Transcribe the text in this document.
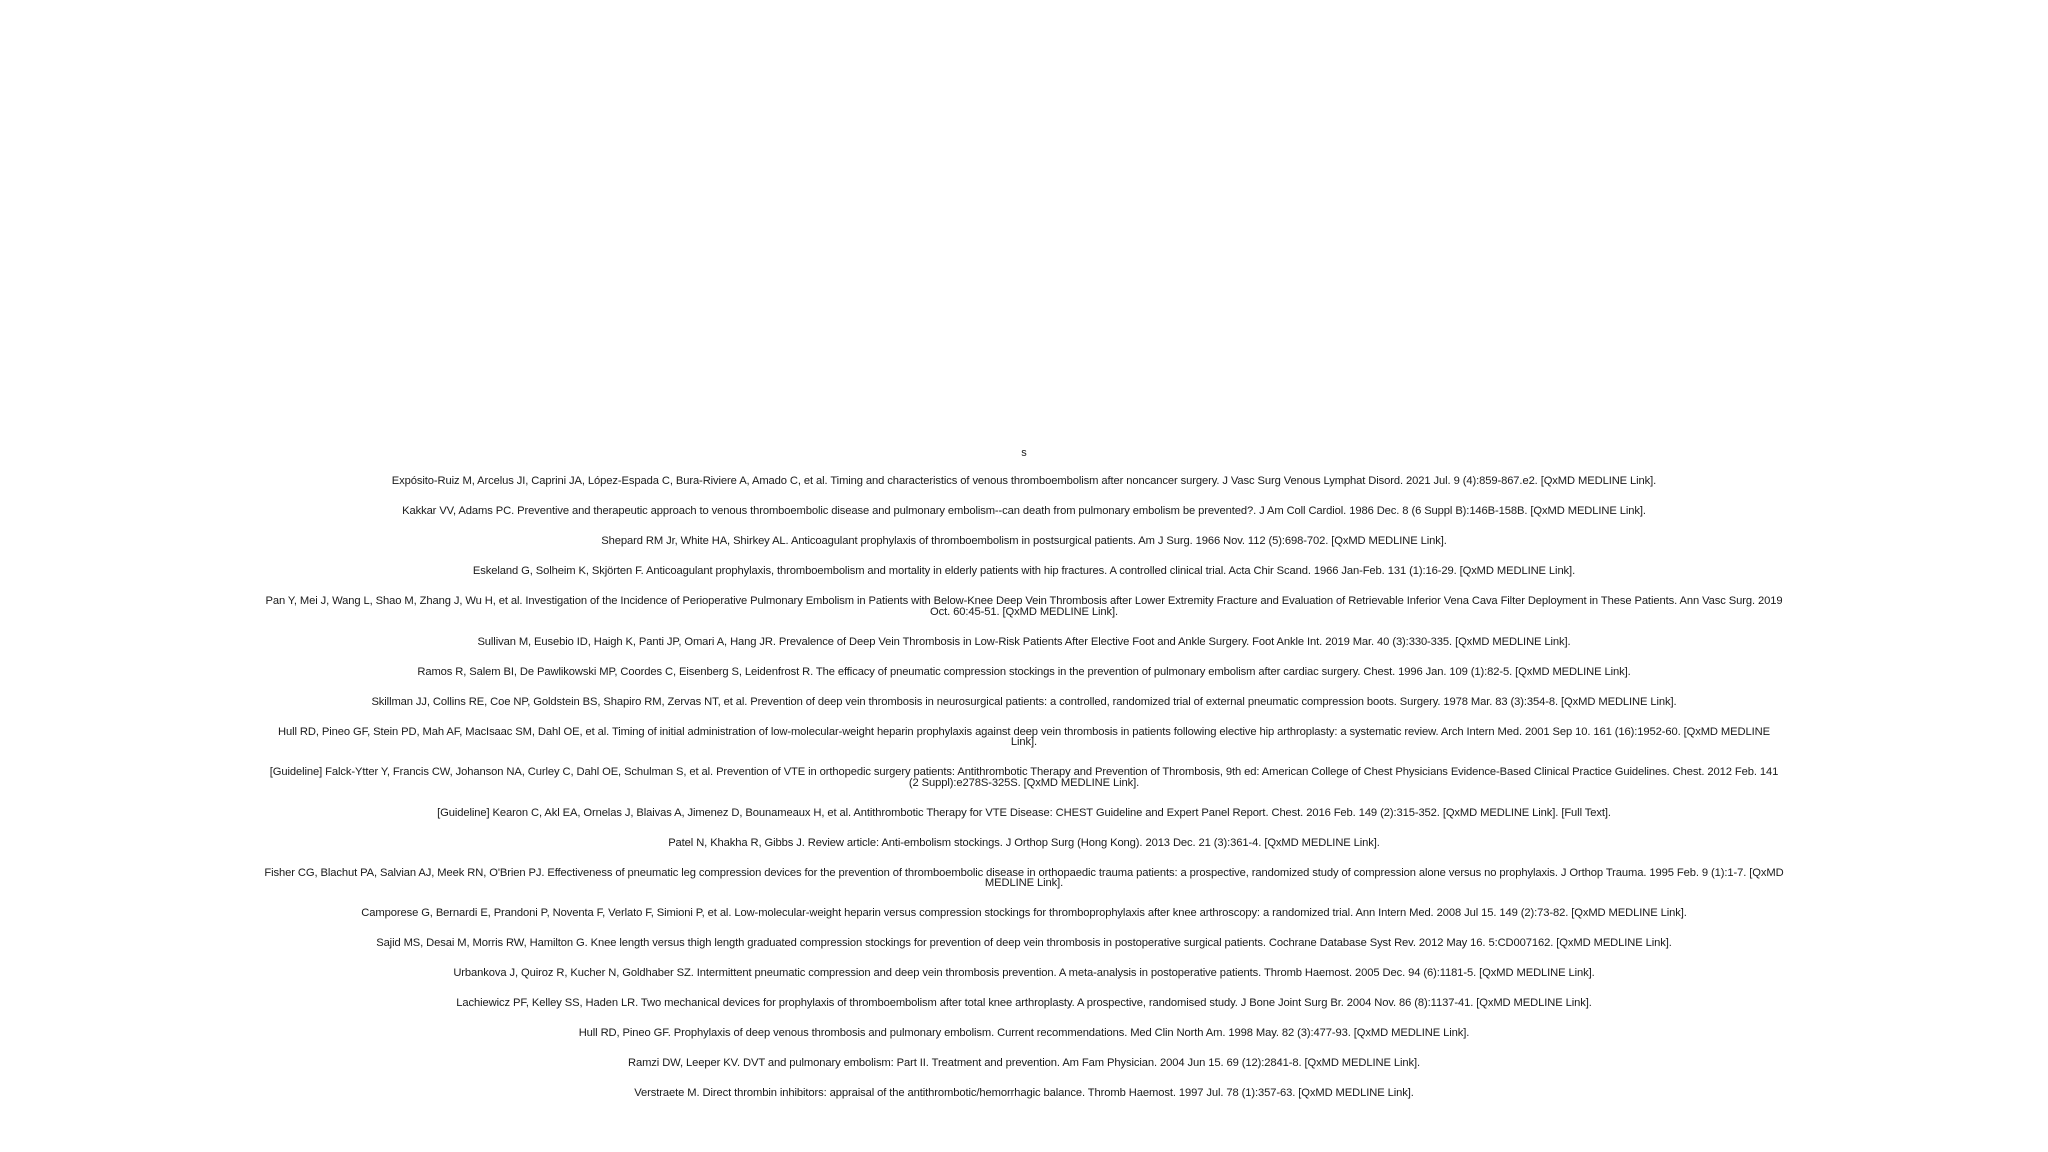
s
Expósito-Ruiz M, Arcelus JI, Caprini JA, López-Espada C, Bura-Riviere A, Amado C, et al. Timing and characteristics of venous thromboembolism after noncancer surgery. J Vasc Surg Venous Lymphat Disord. 2021 Jul. 9 (4):859-867.e2. [QxMD MEDLINE Link].
Kakkar VV, Adams PC. Preventive and therapeutic approach to venous thromboembolic disease and pulmonary embolism--can death from pulmonary embolism be prevented?. J Am Coll Cardiol. 1986 Dec. 8 (6 Suppl B):146B-158B. [QxMD MEDLINE Link].
Shepard RM Jr, White HA, Shirkey AL. Anticoagulant prophylaxis of thromboembolism in postsurgical patients. Am J Surg. 1966 Nov. 112 (5):698-702. [QxMD MEDLINE Link].
Eskeland G, Solheim K, Skjörten F. Anticoagulant prophylaxis, thromboembolism and mortality in elderly patients with hip fractures. A controlled clinical trial. Acta Chir Scand. 1966 Jan-Feb. 131 (1):16-29. [QxMD MEDLINE Link].
Pan Y, Mei J, Wang L, Shao M, Zhang J, Wu H, et al. Investigation of the Incidence of Perioperative Pulmonary Embolism in Patients with Below-Knee Deep Vein Thrombosis after Lower Extremity Fracture and Evaluation of Retrievable Inferior Vena Cava Filter Deployment in These Patients. Ann Vasc Surg. 2019 Oct. 60:45-51. [QxMD MEDLINE Link].
Sullivan M, Eusebio ID, Haigh K, Panti JP, Omari A, Hang JR. Prevalence of Deep Vein Thrombosis in Low-Risk Patients After Elective Foot and Ankle Surgery. Foot Ankle Int. 2019 Mar. 40 (3):330-335. [QxMD MEDLINE Link].
Ramos R, Salem BI, De Pawlikowski MP, Coordes C, Eisenberg S, Leidenfrost R. The efficacy of pneumatic compression stockings in the prevention of pulmonary embolism after cardiac surgery. Chest. 1996 Jan. 109 (1):82-5. [QxMD MEDLINE Link].
Skillman JJ, Collins RE, Coe NP, Goldstein BS, Shapiro RM, Zervas NT, et al. Prevention of deep vein thrombosis in neurosurgical patients: a controlled, randomized trial of external pneumatic compression boots. Surgery. 1978 Mar. 83 (3):354-8. [QxMD MEDLINE Link].
Hull RD, Pineo GF, Stein PD, Mah AF, MacIsaac SM, Dahl OE, et al. Timing of initial administration of low-molecular-weight heparin prophylaxis against deep vein thrombosis in patients following elective hip arthroplasty: a systematic review. Arch Intern Med. 2001 Sep 10. 161 (16):1952-60. [QxMD MEDLINE Link].
[Guideline] Falck-Ytter Y, Francis CW, Johanson NA, Curley C, Dahl OE, Schulman S, et al. Prevention of VTE in orthopedic surgery patients: Antithrombotic Therapy and Prevention of Thrombosis, 9th ed: American College of Chest Physicians Evidence-Based Clinical Practice Guidelines. Chest. 2012 Feb. 141 (2 Suppl):e278S-325S. [QxMD MEDLINE Link].
[Guideline] Kearon C, Akl EA, Ornelas J, Blaivas A, Jimenez D, Bounameaux H, et al. Antithrombotic Therapy for VTE Disease: CHEST Guideline and Expert Panel Report. Chest. 2016 Feb. 149 (2):315-352. [QxMD MEDLINE Link]. [Full Text].
Patel N, Khakha R, Gibbs J. Review article: Anti-embolism stockings. J Orthop Surg (Hong Kong). 2013 Dec. 21 (3):361-4. [QxMD MEDLINE Link].
Fisher CG, Blachut PA, Salvian AJ, Meek RN, O'Brien PJ. Effectiveness of pneumatic leg compression devices for the prevention of thromboembolic disease in orthopaedic trauma patients: a prospective, randomized study of compression alone versus no prophylaxis. J Orthop Trauma. 1995 Feb. 9 (1):1-7. [QxMD MEDLINE Link].
Camporese G, Bernardi E, Prandoni P, Noventa F, Verlato F, Simioni P, et al. Low-molecular-weight heparin versus compression stockings for thromboprophylaxis after knee arthroscopy: a randomized trial. Ann Intern Med. 2008 Jul 15. 149 (2):73-82. [QxMD MEDLINE Link].
Sajid MS, Desai M, Morris RW, Hamilton G. Knee length versus thigh length graduated compression stockings for prevention of deep vein thrombosis in postoperative surgical patients. Cochrane Database Syst Rev. 2012 May 16. 5:CD007162. [QxMD MEDLINE Link].
Urbankova J, Quiroz R, Kucher N, Goldhaber SZ. Intermittent pneumatic compression and deep vein thrombosis prevention. A meta-analysis in postoperative patients. Thromb Haemost. 2005 Dec. 94 (6):1181-5. [QxMD MEDLINE Link].
Lachiewicz PF, Kelley SS, Haden LR. Two mechanical devices for prophylaxis of thromboembolism after total knee arthroplasty. A prospective, randomised study. J Bone Joint Surg Br. 2004 Nov. 86 (8):1137-41. [QxMD MEDLINE Link].
Hull RD, Pineo GF. Prophylaxis of deep venous thrombosis and pulmonary embolism. Current recommendations. Med Clin North Am. 1998 May. 82 (3):477-93. [QxMD MEDLINE Link].
Ramzi DW, Leeper KV. DVT and pulmonary embolism: Part II. Treatment and prevention. Am Fam Physician. 2004 Jun 15. 69 (12):2841-8. [QxMD MEDLINE Link].
Verstraete M. Direct thrombin inhibitors: appraisal of the antithrombotic/hemorrhagic balance. Thromb Haemost. 1997 Jul. 78 (1):357-63. [QxMD MEDLINE Link].
